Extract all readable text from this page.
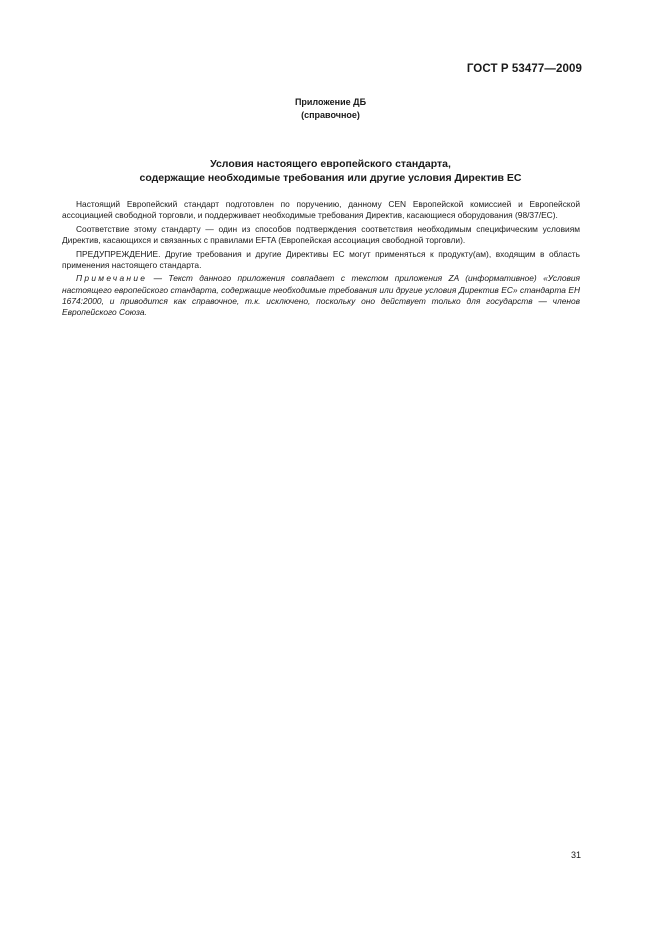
ГОСТ Р 53477—2009
Приложение ДБ
(справочное)
Условия настоящего европейского стандарта,
содержащие необходимые требования или другие условия Директив ЕС

Настоящий Европейский стандарт подготовлен по поручению, данному CEN Европейской комиссией и Европейской ассоциацией свободной торговли, и поддерживает необходимые требования Директив, касающиеся оборудования (98/37/ЕС).

Соответствие этому стандарту — один из способов подтверждения соответствия необходимым специфическим условиям Директив, касающихся и связанных с правилами EFTA (Европейская ассоциация свободной торговли).

ПРЕДУПРЕЖДЕНИЕ. Другие требования и другие Директивы ЕС могут применяться к продукту(ам), входящим в область применения настоящего стандарта.

Примечание — Текст данного приложения совпадает с текстом приложения ZA (информативное) «Условия настоящего европейского стандарта, содержащие необходимые требования или другие условия Директив ЕС» стандарта ЕН 1674:2000, и приводится как справочное, т.к. исключено, поскольку оно действует только для государств — членов Европейского Союза.

31
